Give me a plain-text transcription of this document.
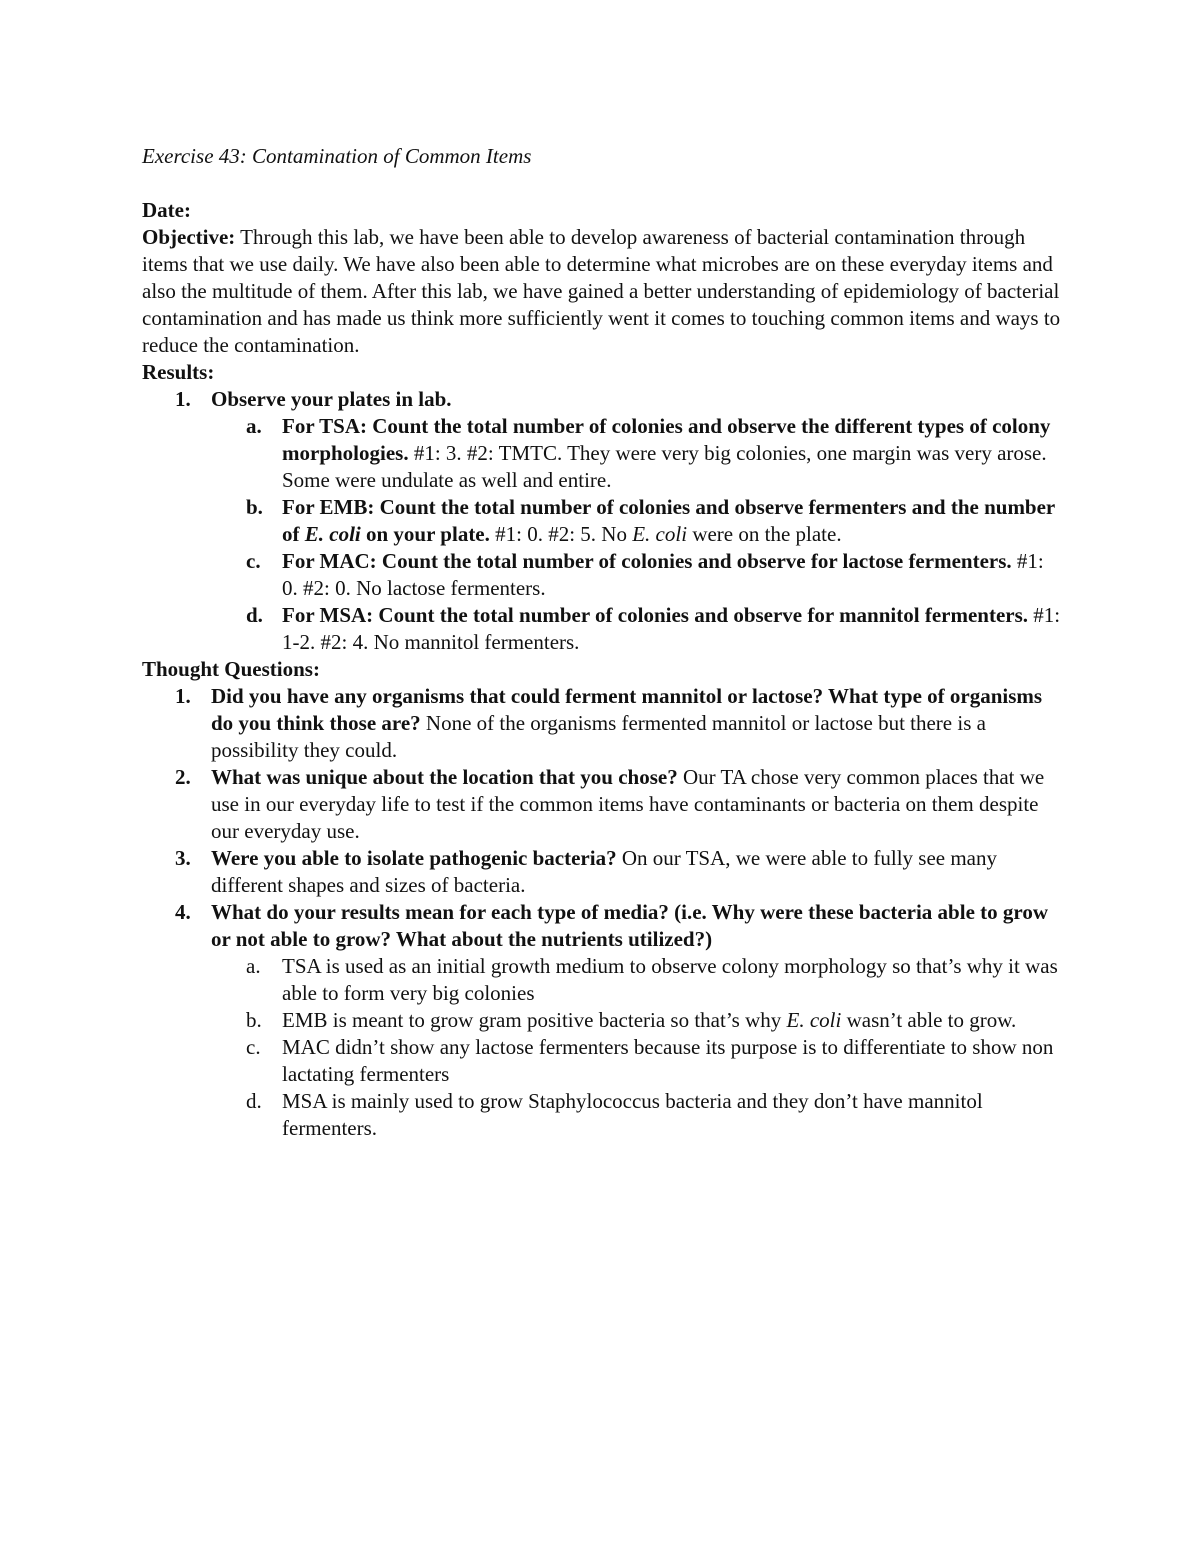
Exercise 43: Contamination of Common Items

Date:

Objective: Through this lab, we have been able to develop awareness of bacterial contamination through items that we use daily. We have also been able to determine what microbes are on these everyday items and also the multitude of them. After this lab, we have gained a better understanding of epidemiology of bacterial contamination and has made us think more sufficiently went it comes to touching common items and ways to reduce the contamination.

Results:

1. Observe your plates in lab.
a. For TSA: Count the total number of colonies and observe the different types of colony morphologies. #1: 3. #2: TMTC. They were very big colonies, one margin was very arose. Some were undulate as well and entire.
b. For EMB: Count the total number of colonies and observe fermenters and the number of E. coli on your plate. #1: 0. #2: 5. No E. coli were on the plate.
c. For MAC: Count the total number of colonies and observe for lactose fermenters. #1: 0. #2: 0. No lactose fermenters.
d. For MSA: Count the total number of colonies and observe for mannitol fermenters. #1: 1-2. #2: 4. No mannitol fermenters.

Thought Questions:

1. Did you have any organisms that could ferment mannitol or lactose? What type of organisms do you think those are? None of the organisms fermented mannitol or lactose but there is a possibility they could.
2. What was unique about the location that you chose? Our TA chose very common places that we use in our everyday life to test if the common items have contaminants or bacteria on them despite our everyday use.
3. Were you able to isolate pathogenic bacteria? On our TSA, we were able to fully see many different shapes and sizes of bacteria.
4. What do your results mean for each type of media? (i.e. Why were these bacteria able to grow or not able to grow? What about the nutrients utilized?)
a. TSA is used as an initial growth medium to observe colony morphology so that’s why it was able to form very big colonies
b. EMB is meant to grow gram positive bacteria so that’s why E. coli wasn’t able to grow.
c. MAC didn’t show any lactose fermenters because its purpose is to differentiate to show non lactating fermenters
d. MSA is mainly used to grow Staphylococcus bacteria and they don’t have mannitol fermenters.
